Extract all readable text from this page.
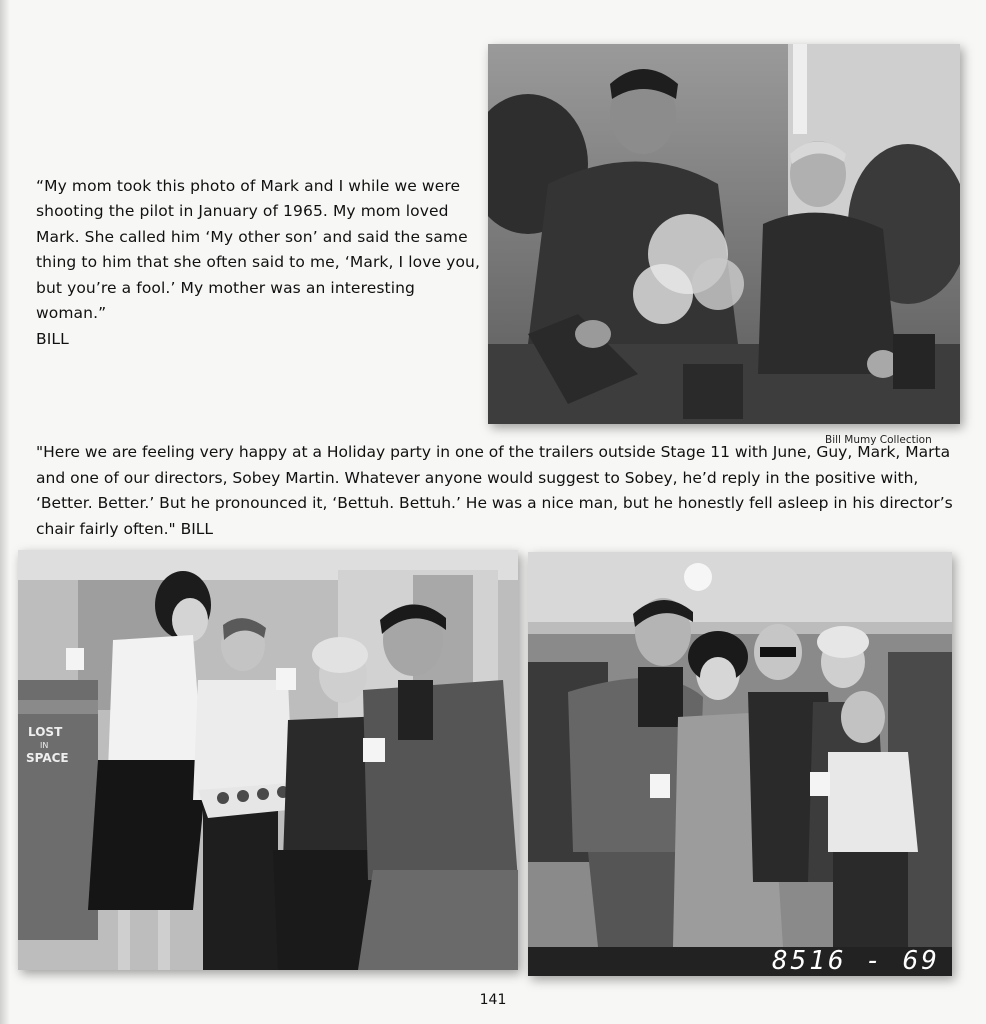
“My mom took this photo of Mark and I while we were shooting the pilot in January of 1965. My mom loved Mark. She called him ‘My other son’ and said the same thing to him that she often said to me, ‘Mark, I love you, but you’re a fool.’ My mother was an interesting woman.”

BILL

Bill Mumy Collection
"Here we are feeling very happy at a Holiday party in one of the trailers outside Stage 11 with June, Guy, Mark, Marta and one of our directors, Sobey Martin. Whatever anyone would suggest to Sobey, he’d reply in the positive with, ‘Better. Better.’ But he pronounced it, ‘Bettuh. Bettuh.’ He was a nice man, but he honestly fell asleep in his director’s chair fairly often." BILL
LOST
IN
SPACE
8516 - 69
141
